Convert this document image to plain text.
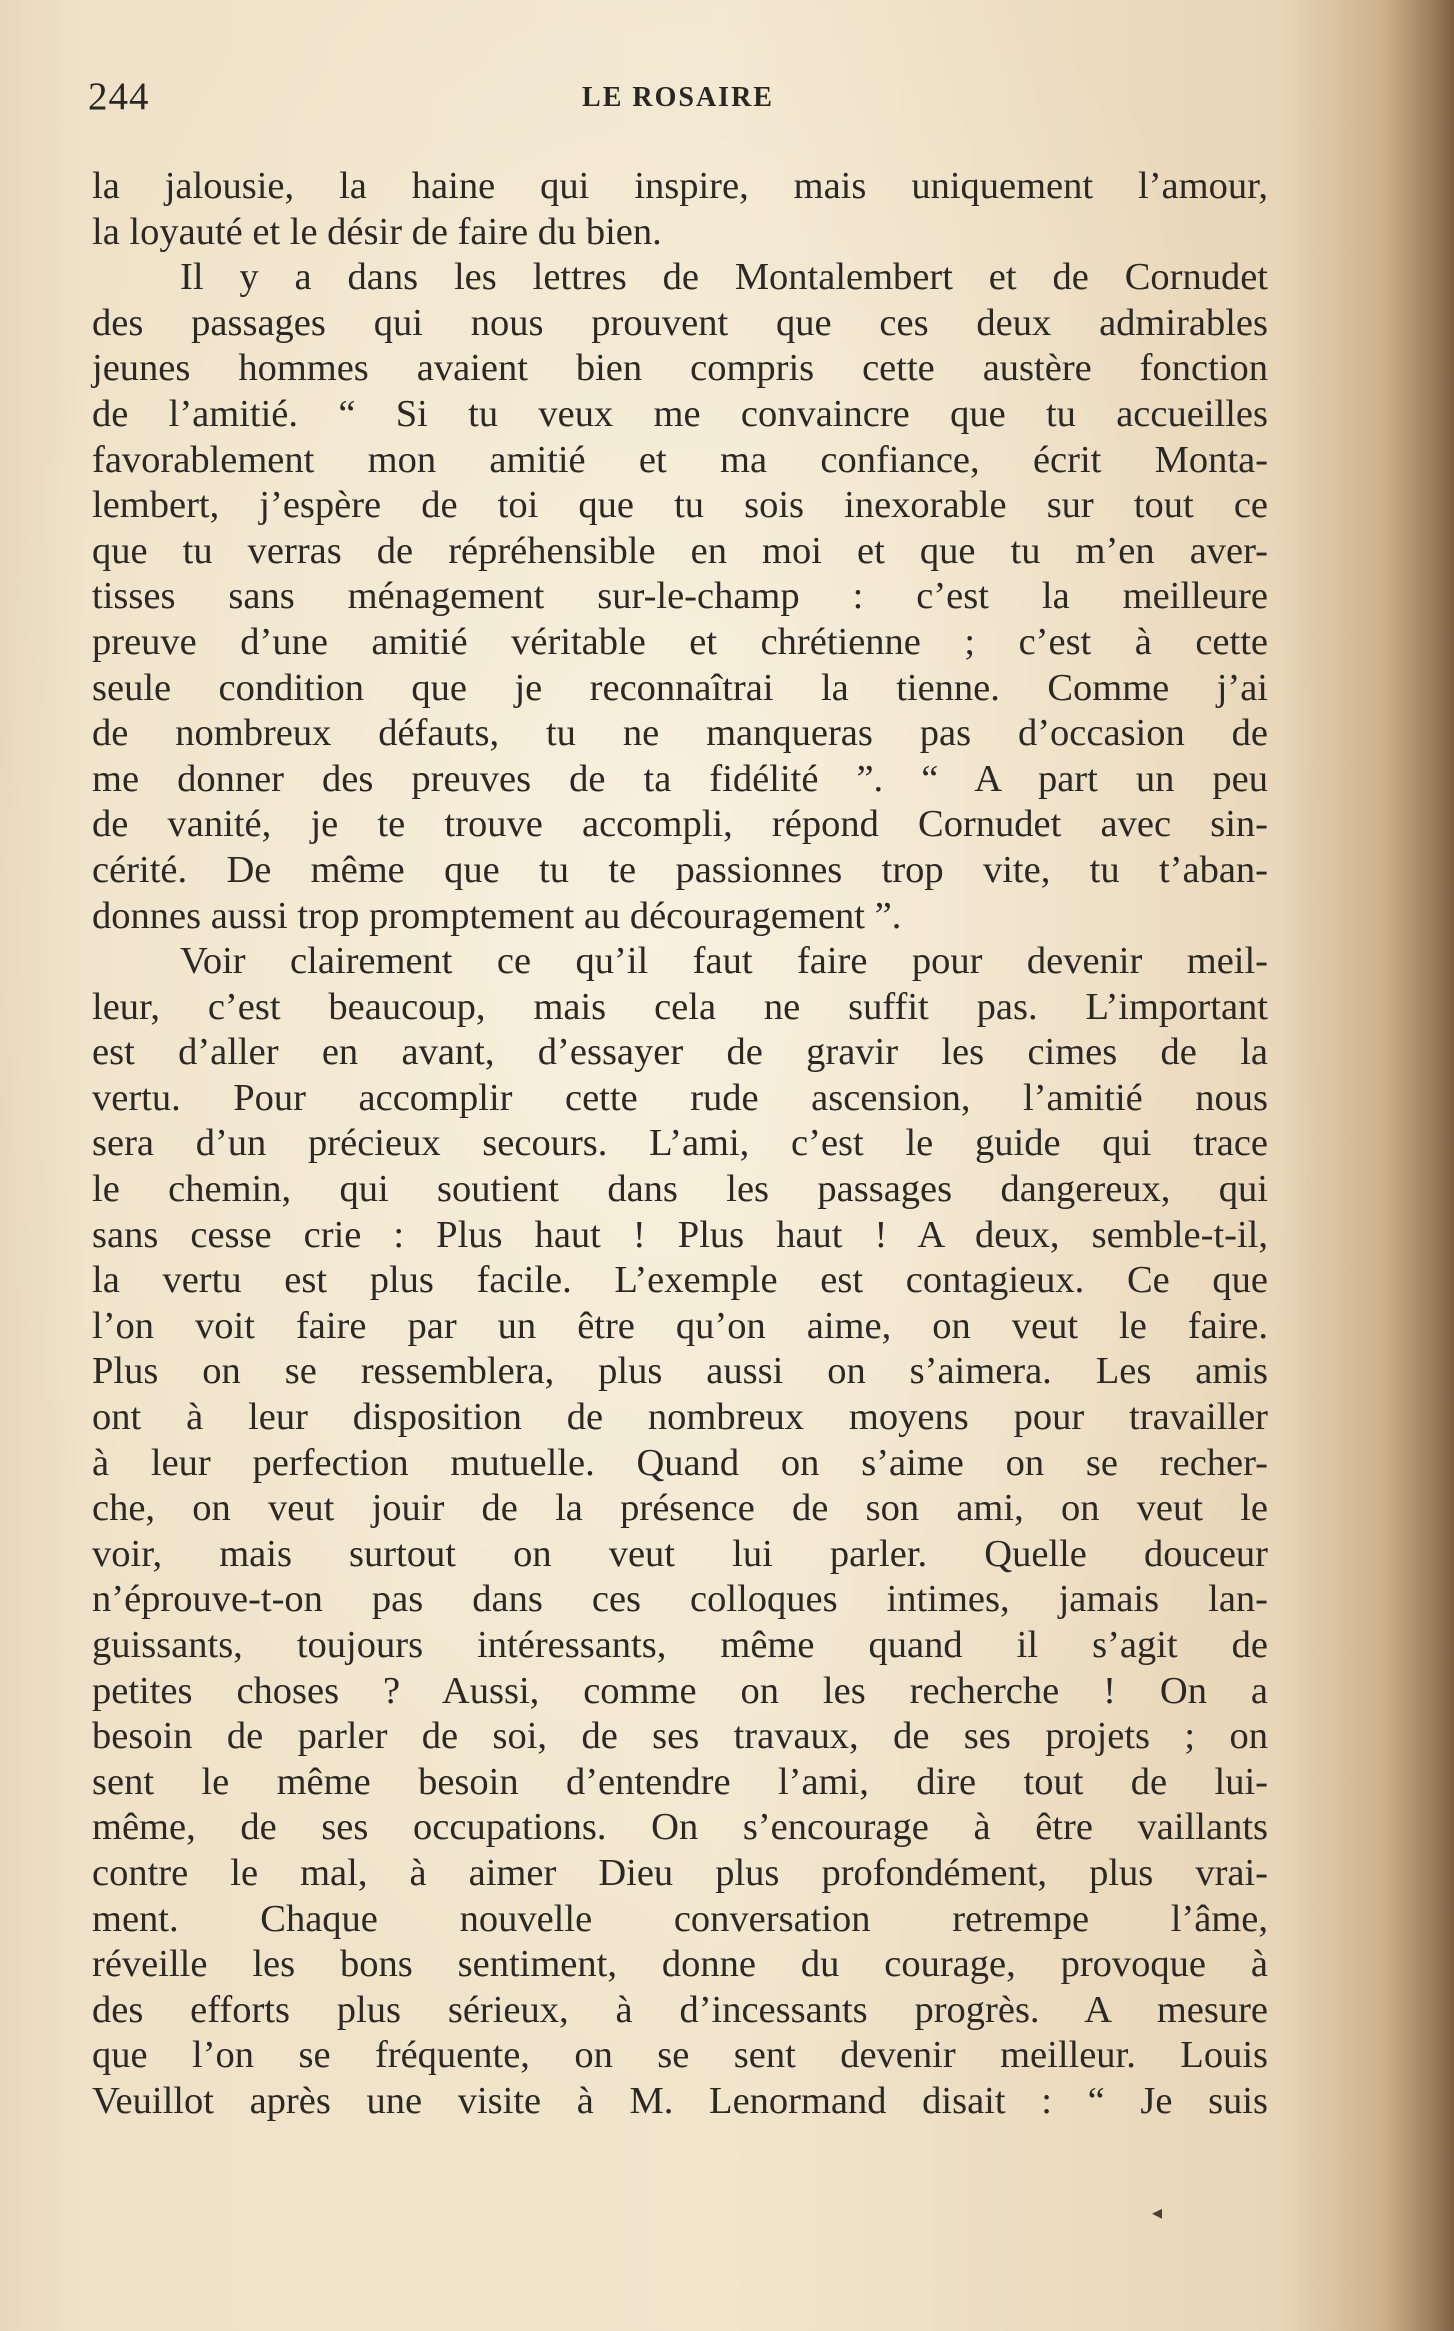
244	LE ROSAIRE
la jalousie, la haine qui inspire, mais uniquement l’amour,
la loyauté et le désir de faire du bien.
Il y a dans les lettres de Montalembert et de Cornudet
des passages qui nous prouvent que ces deux admirables
jeunes hommes avaient bien compris cette austère fonction
de l’amitié. “ Si tu veux me convaincre que tu accueilles
favorablement mon amitié et ma confiance, écrit Monta-
lembert, j’espère de toi que tu sois inexorable sur tout ce
que tu verras de répréhensible en moi et que tu m’en aver-
tisses sans ménagement sur-le-champ : c’est la meilleure
preuve d’une amitié véritable et chrétienne ; c’est à cette
seule condition que je reconnaîtrai la tienne. Comme j’ai
de nombreux défauts, tu ne manqueras pas d’occasion de
me donner des preuves de ta fidélité ”. “ A part un peu
de vanité, je te trouve accompli, répond Cornudet avec sin-
cérité. De même que tu te passionnes trop vite, tu t’aban-
donnes aussi trop promptement au découragement ”.
Voir clairement ce qu’il faut faire pour devenir meil-
leur, c’est beaucoup, mais cela ne suffit pas. L’important
est d’aller en avant, d’essayer de gravir les cimes de la
vertu. Pour accomplir cette rude ascension, l’amitié nous
sera d’un précieux secours. L’ami, c’est le guide qui trace
le chemin, qui soutient dans les passages dangereux, qui
sans cesse crie : Plus haut ! Plus haut ! A deux, semble-t-il,
la vertu est plus facile. L’exemple est contagieux. Ce que
l’on voit faire par un être qu’on aime, on veut le faire.
Plus on se ressemblera, plus aussi on s’aimera. Les amis
ont à leur disposition de nombreux moyens pour travailler
à leur perfection mutuelle. Quand on s’aime on se recher-
che, on veut jouir de la présence de son ami, on veut le
voir, mais surtout on veut lui parler. Quelle douceur
n’éprouve-t-on pas dans ces colloques intimes, jamais lan-
guissants, toujours intéressants, même quand il s’agit de
petites choses ? Aussi, comme on les recherche ! On a
besoin de parler de soi, de ses travaux, de ses projets ; on
sent le même besoin d’entendre l’ami, dire tout de lui-
même, de ses occupations. On s’encourage à être vaillants
contre le mal, à aimer Dieu plus profondément, plus vrai-
ment. Chaque nouvelle conversation retrempe l’âme,
réveille les bons sentiment, donne du courage, provoque à
des efforts plus sérieux, à d’incessants progrès. A mesure
que l’on se fréquente, on se sent devenir meilleur. Louis
Veuillot après une visite à M. Lenormand disait : “ Je suis
◂
